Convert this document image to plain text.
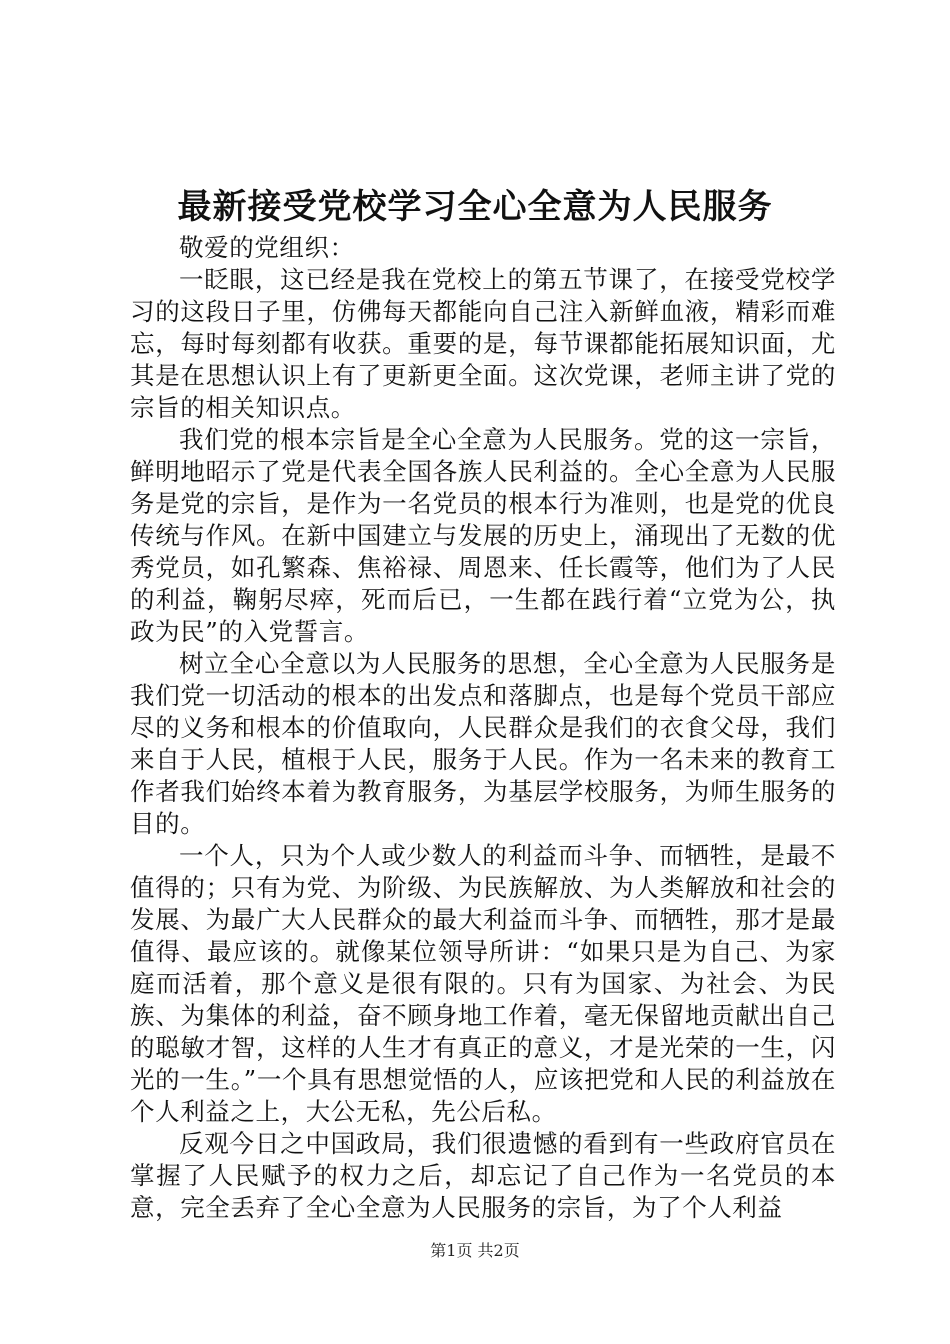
最新接受党校学习全心全意为人民服务

敬爱的党组织：

一眨眼，这已经是我在党校上的第五节课了，在接受党校学习的这段日子里，仿佛每天都能向自己注入新鲜血液，精彩而难忘，每时每刻都有收获。重要的是，每节课都能拓展知识面，尤其是在思想认识上有了更新更全面。这次党课，老师主讲了党的宗旨的相关知识点。

我们党的根本宗旨是全心全意为人民服务。党的这一宗旨，鲜明地昭示了党是代表全国各族人民利益的。全心全意为人民服务是党的宗旨，是作为一名党员的根本行为准则，也是党的优良传统与作风。在新中国建立与发展的历史上，涌现出了无数的优秀党员，如孔繁森、焦裕禄、周恩来、任长霞等，他们为了人民的利益，鞠躬尽瘁，死而后已，一生都在践行着“立党为公，执政为民”的入党誓言。

树立全心全意以为人民服务的思想，全心全意为人民服务是我们党一切活动的根本的出发点和落脚点，也是每个党员干部应尽的义务和根本的价值取向，人民群众是我们的衣食父母，我们来自于人民，植根于人民，服务于人民。作为一名未来的教育工作者我们始终本着为教育服务，为基层学校服务，为师生服务的目的。

一个人，只为个人或少数人的利益而斗争、而牺牲，是最不值得的；只有为党、为阶级、为民族解放、为人类解放和社会的发展、为最广大人民群众的最大利益而斗争、而牺牲，那才是最值得、最应该的。就像某位领导所讲：“如果只是为自己、为家庭而活着，那个意义是很有限的。只有为国家、为社会、为民族、为集体的利益，奋不顾身地工作着，毫无保留地贡献出自己的聪敏才智，这样的人生才有真正的意义，才是光荣的一生，闪光的一生。”一个具有思想觉悟的人，应该把党和人民的利益放在个人利益之上，大公无私，先公后私。

反观今日之中国政局，我们很遗憾的看到有一些政府官员在掌握了人民赋予的权力之后，却忘记了自己作为一名党员的本意，完全丢弃了全心全意为人民服务的宗旨，为了个人利益

第1页 共2页
